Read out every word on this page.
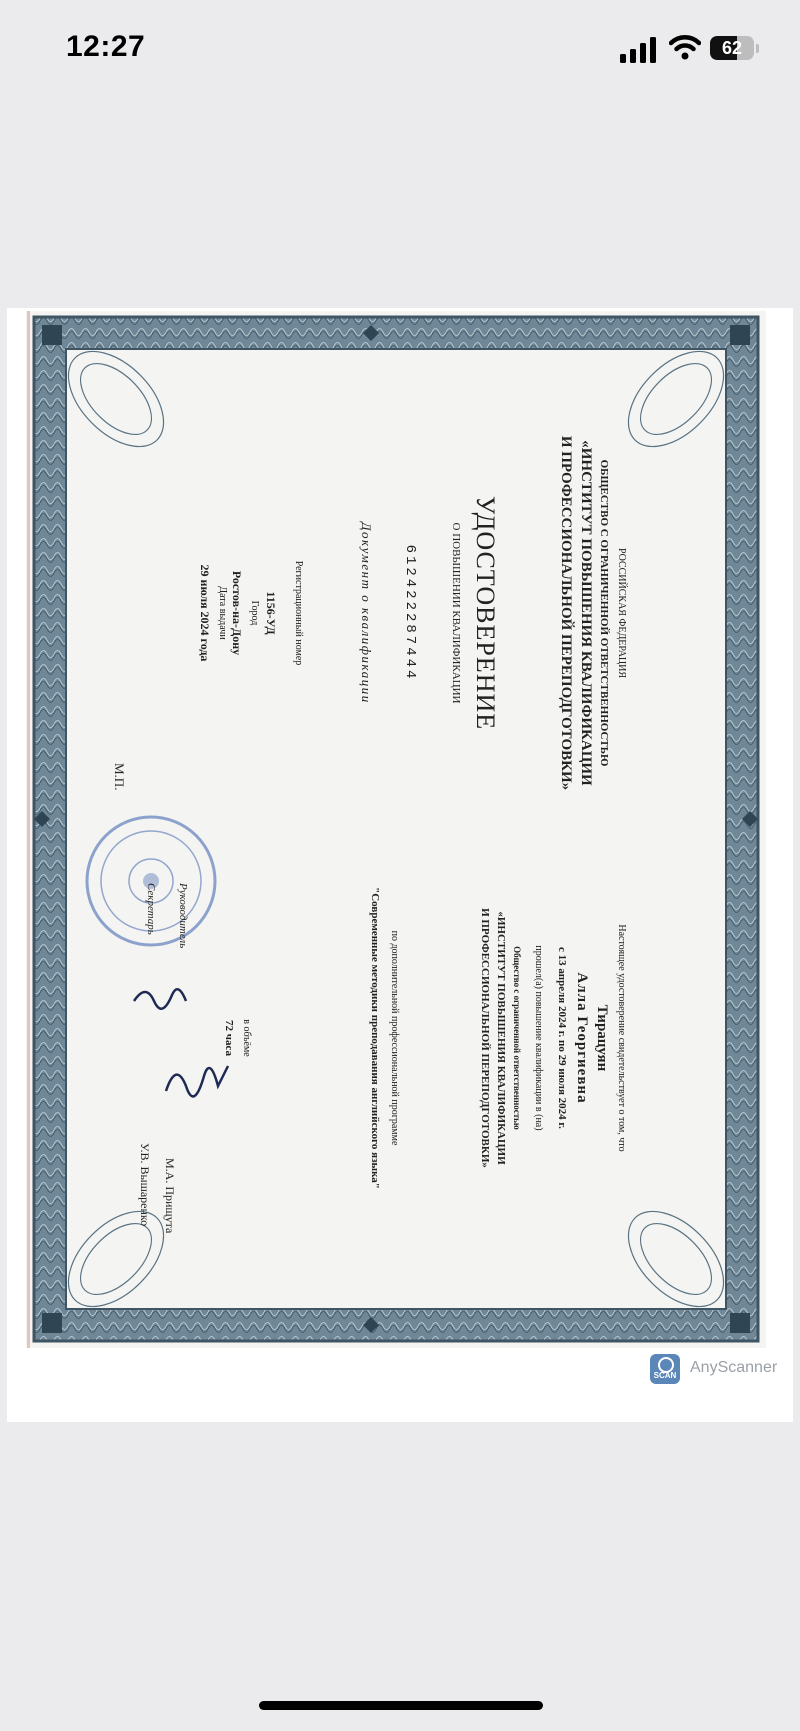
12:27	62
РОССИЙСКАЯ ФЕДЕРАЦИЯ
ОБЩЕСТВО С ОГРАНИЧЕННОЙ ОТВЕТСТВЕННОСТЬЮ
«ИНСТИТУТ ПОВЫШЕНИЯ КВАЛИФИКАЦИИ
И ПРОФЕССИОНАЛЬНОЙ ПЕРЕПОДГОТОВКИ»
УДОСТОВЕРЕНИЕ
О ПОВЫШЕНИИ КВАЛИФИКАЦИИ
612422287444
Документ о квалификации
Регистрационный номер
1156-УД
Город
Ростов-на-Дону
Дата выдачи
29 июля 2024 года
Настоящее удостоверение свидетельствует о том, что
Тирацуян
Алла Георгиевна
с 13 апреля 2024 г. по 29 июля 2024 г.
прошел(а) повышение квалификации в (на)
Общество с ограниченной ответственностью
«ИНСТИТУТ ПОВЫШЕНИЯ КВАЛИФИКАЦИИ
И ПРОФЕССИОНАЛЬНОЙ ПЕРЕПОДГОТОВКИ»
по дополнительной профессиональной программе
"Современные методики преподавания английского языка"
в объёме
72 часа
Руководитель
М.А. Прищута
Секретарь
У.В. Вышаренко
М.П.
SCAN AnyScanner
